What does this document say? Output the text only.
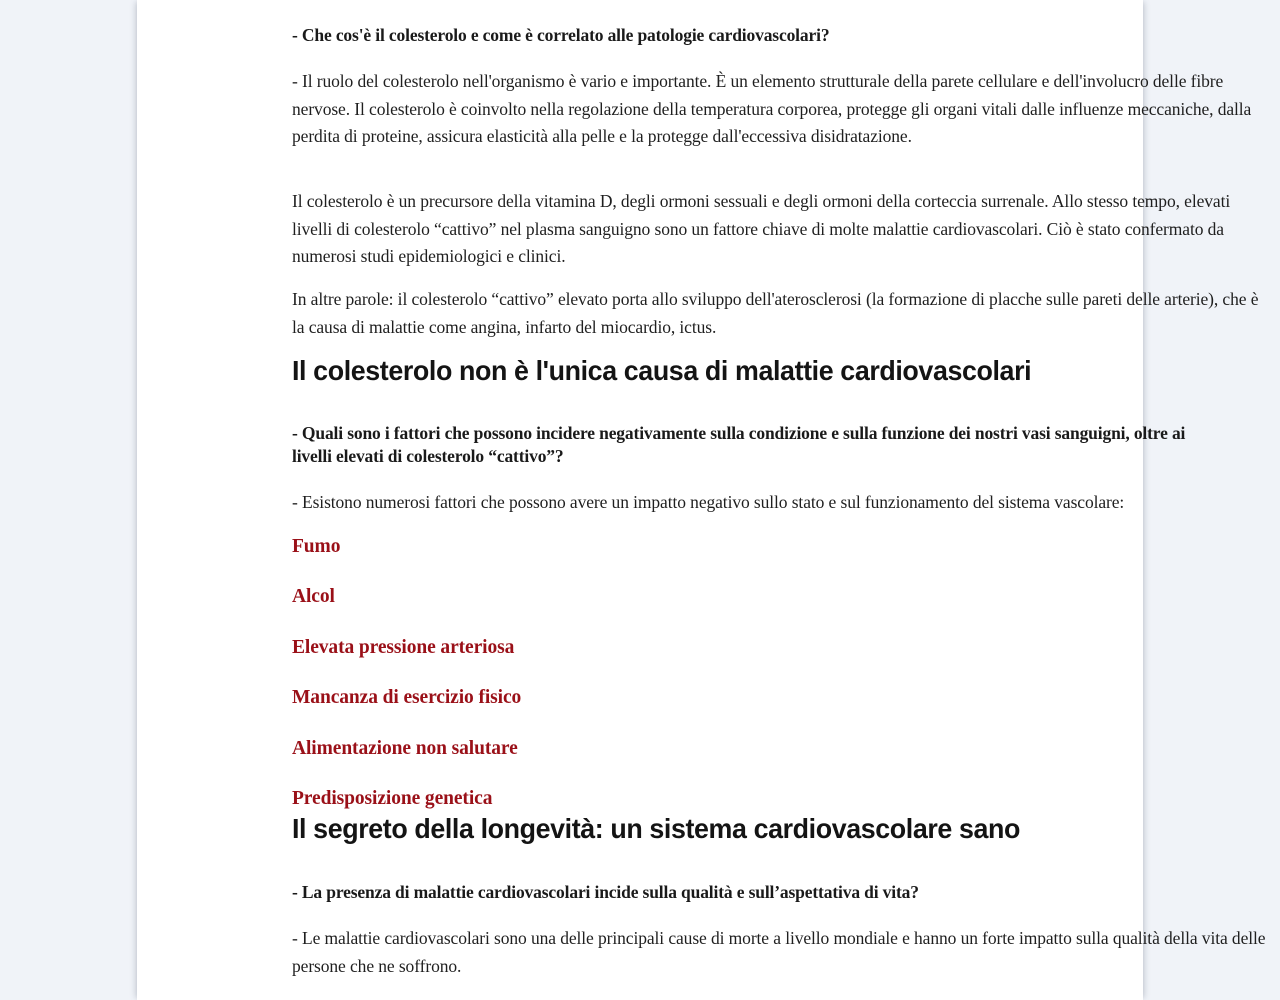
- Che cos'è il colesterolo e come è correlato alle patologie cardiovascolari?

- Il ruolo del colesterolo nell'organismo è vario e importante. È un elemento strutturale della parete cellulare e dell'involucro delle fibre nervose. Il colesterolo è coinvolto nella regolazione della temperatura corporea, protegge gli organi vitali dalle influenze meccaniche, dalla perdita di proteine, assicura elasticità alla pelle e la protegge dall'eccessiva disidratazione.

Il colesterolo è un precursore della vitamina D, degli ormoni sessuali e degli ormoni della corteccia surrenale. Allo stesso tempo, elevati livelli di colesterolo “cattivo” nel plasma sanguigno sono un fattore chiave di molte malattie cardiovascolari. Ciò è stato confermato da numerosi studi epidemiologici e clinici.

In altre parole: il colesterolo “cattivo” elevato porta allo sviluppo dell'aterosclerosi (la formazione di placche sulle pareti delle arterie), che è la causa di malattie come angina, infarto del miocardio, ictus.

Il colesterolo non è l'unica causa di malattie cardiovascolari

- Quali sono i fattori che possono incidere negativamente sulla condizione e sulla funzione dei nostri vasi sanguigni, oltre ai livelli elevati di colesterolo “cattivo”?

- Esistono numerosi fattori che possono avere un impatto negativo sullo stato e sul funzionamento del sistema vascolare:

Fumo

Alcol

Elevata pressione arteriosa

Mancanza di esercizio fisico

Alimentazione non salutare

Predisposizione genetica

Il segreto della longevità: un sistema cardiovascolare sano

- La presenza di malattie cardiovascolari incide sulla qualità e sull’aspettativa di vita?

- Le malattie cardiovascolari sono una delle principali cause di morte a livello mondiale e hanno un forte impatto sulla qualità della vita delle persone che ne soffrono.
